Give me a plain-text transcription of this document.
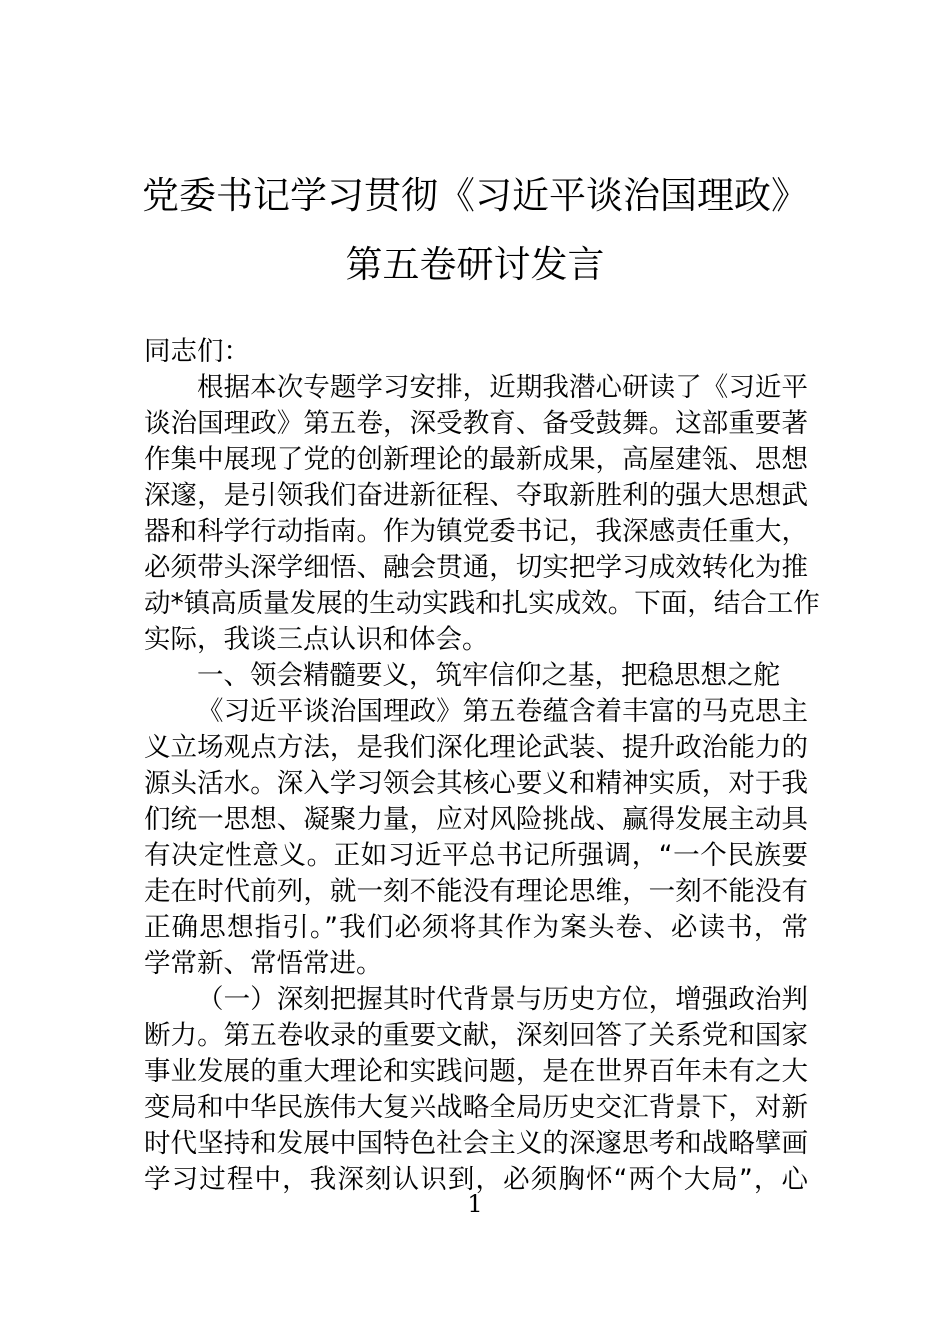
党委书记学习贯彻《习近平谈治国理政》
第五卷研讨发言
同志们：
根据本次专题学习安排，近期我潜心研读了《习近平
谈治国理政》第五卷，深受教育、备受鼓舞。这部重要著
作集中展现了党的创新理论的最新成果，高屋建瓴、思想
深邃，是引领我们奋进新征程、夺取新胜利的强大思想武
器和科学行动指南。作为镇党委书记，我深感责任重大，
必须带头深学细悟、融会贯通，切实把学习成效转化为推
动*镇高质量发展的生动实践和扎实成效。下面，结合工作
实际，我谈三点认识和体会。
一、领会精髓要义，筑牢信仰之基，把稳思想之舵
《习近平谈治国理政》第五卷蕴含着丰富的马克思主
义立场观点方法，是我们深化理论武装、提升政治能力的
源头活水。深入学习领会其核心要义和精神实质，对于我
们统一思想、凝聚力量，应对风险挑战、赢得发展主动具
有决定性意义。正如习近平总书记所强调，“一个民族要
走在时代前列，就一刻不能没有理论思维，一刻不能没有
正确思想指引。”我们必须将其作为案头卷、必读书，常
学常新、常悟常进。
（一）深刻把握其时代背景与历史方位，增强政治判
断力。第五卷收录的重要文献，深刻回答了关系党和国家
事业发展的重大理论和实践问题，是在世界百年未有之大
变局和中华民族伟大复兴战略全局历史交汇背景下，对新
时代坚持和发展中国特色社会主义的深邃思考和战略擘画
学习过程中，我深刻认识到，必须胸怀“两个大局”，心
1
